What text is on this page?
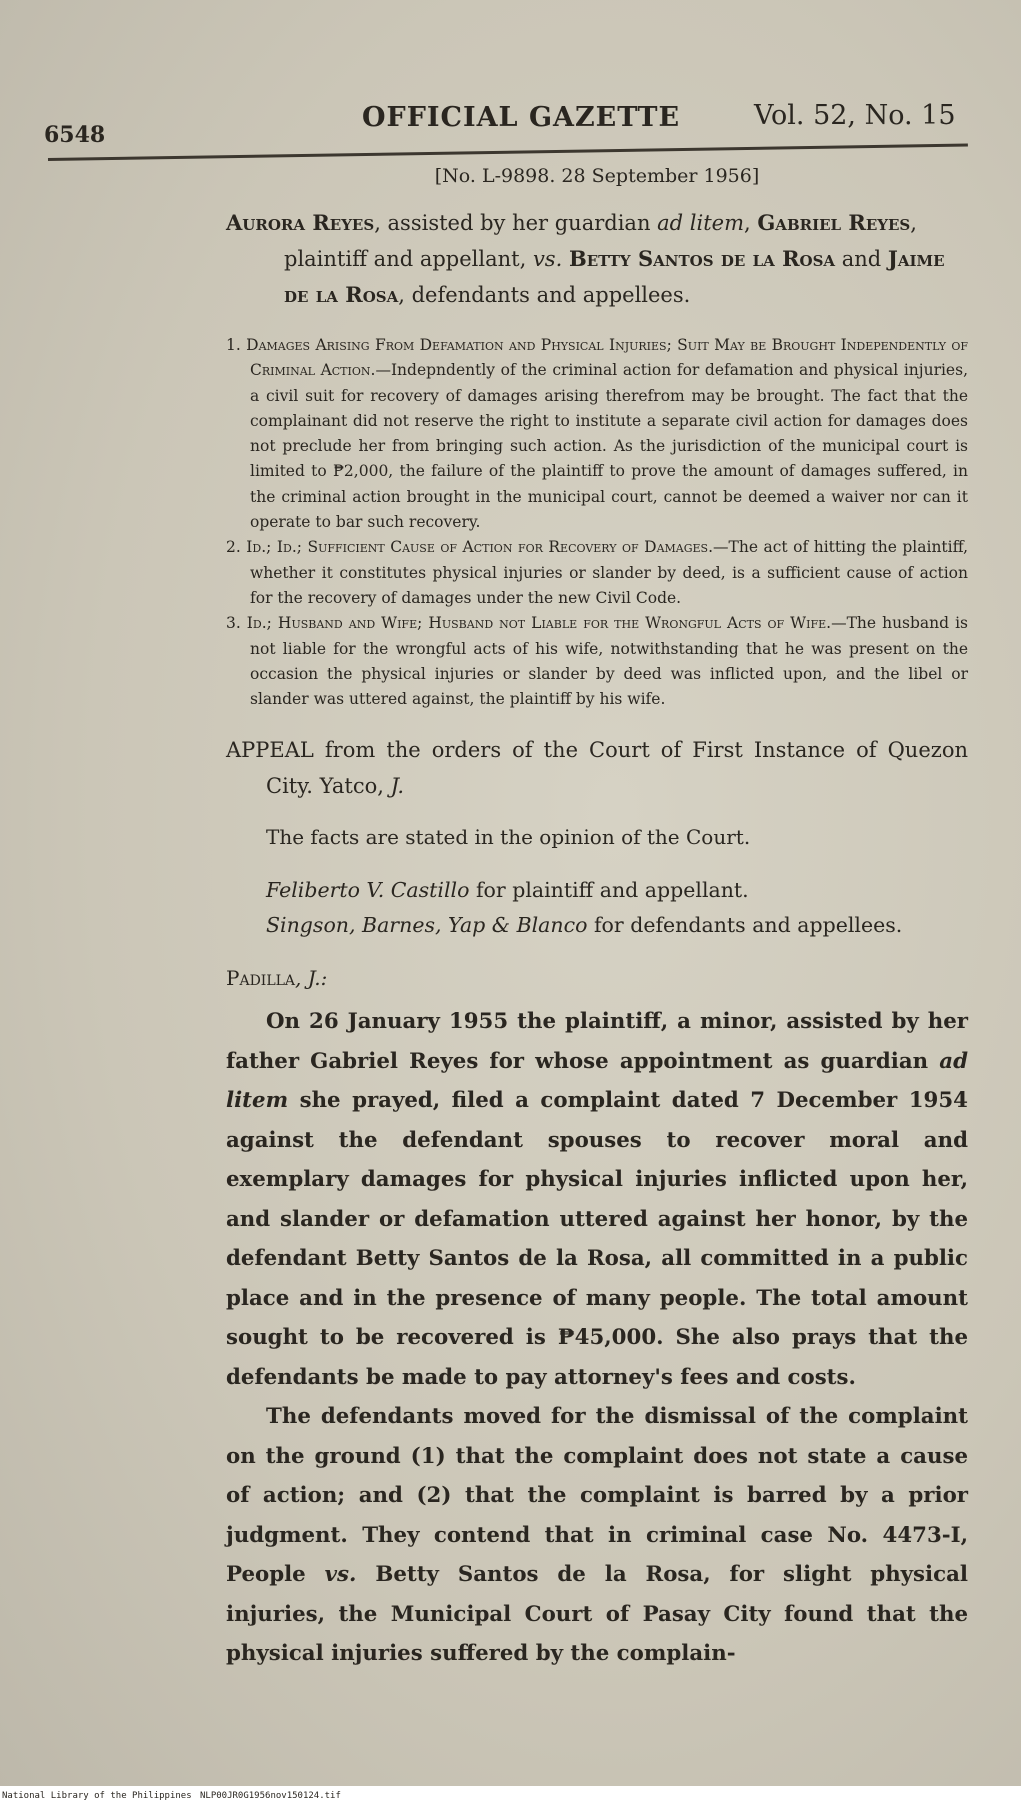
6548
OFFICIAL GAZETTE	Vol. 52, No. 15

[No. L-9898. 28 September 1956]

Aurora Reyes, assisted by her guardian ad litem, Gabriel Reyes, plaintiff and appellant, vs. Betty Santos de la Rosa and Jaime de la Rosa, defendants and appellees.

1. Damages Arising From Defamation and Physical Injuries; Suit May be Brought Independently of Criminal Action.—Indepndently of the criminal action for defamation and physical injuries, a civil suit for recovery of damages arising therefrom may be brought. The fact that the complainant did not reserve the right to institute a separate civil action for damages does not preclude her from bringing such action. As the jurisdiction of the municipal court is limited to ₱2,000, the failure of the plaintiff to prove the amount of damages suffered, in the criminal action brought in the municipal court, cannot be deemed a waiver nor can it operate to bar such recovery.
2. Id.; Id.; Sufficient Cause of Action for Recovery of Damages.—The act of hitting the plaintiff, whether it constitutes physical injuries or slander by deed, is a sufficient cause of action for the recovery of damages under the new Civil Code.
3. Id.; Husband and Wife; Husband not Liable for the Wrongful Acts of Wife.—The husband is not liable for the wrongful acts of his wife, notwithstanding that he was present on the occasion the physical injuries or slander by deed was inflicted upon, and the libel or slander was uttered against, the plaintiff by his wife.

APPEAL from the orders of the Court of First Instance of Quezon City. Yatco, J.

The facts are stated in the opinion of the Court.

Feliberto V. Castillo for plaintiff and appellant.

Singson, Barnes, Yap & Blanco for defendants and appellees.

Padilla, J.:

On 26 January 1955 the plaintiff, a minor, assisted by her father Gabriel Reyes for whose appointment as guardian ad litem she prayed, filed a complaint dated 7 December 1954 against the defendant spouses to recover moral and exemplary damages for physical injuries inflicted upon her, and slander or defamation uttered against her honor, by the defendant Betty Santos de la Rosa, all committed in a public place and in the presence of many people. The total amount sought to be recovered is ₱45,000. She also prays that the defendants be made to pay attorney's fees and costs.

The defendants moved for the dismissal of the complaint on the ground (1) that the complaint does not state a cause of action; and (2) that the complaint is barred by a prior judgment. They contend that in criminal case No. 4473-I, People vs. Betty Santos de la Rosa, for slight physical injuries, the Municipal Court of Pasay City found that the physical injuries suffered by the complain-

National Library of the Philippines NLP00JR0G1956nov150124.tif
